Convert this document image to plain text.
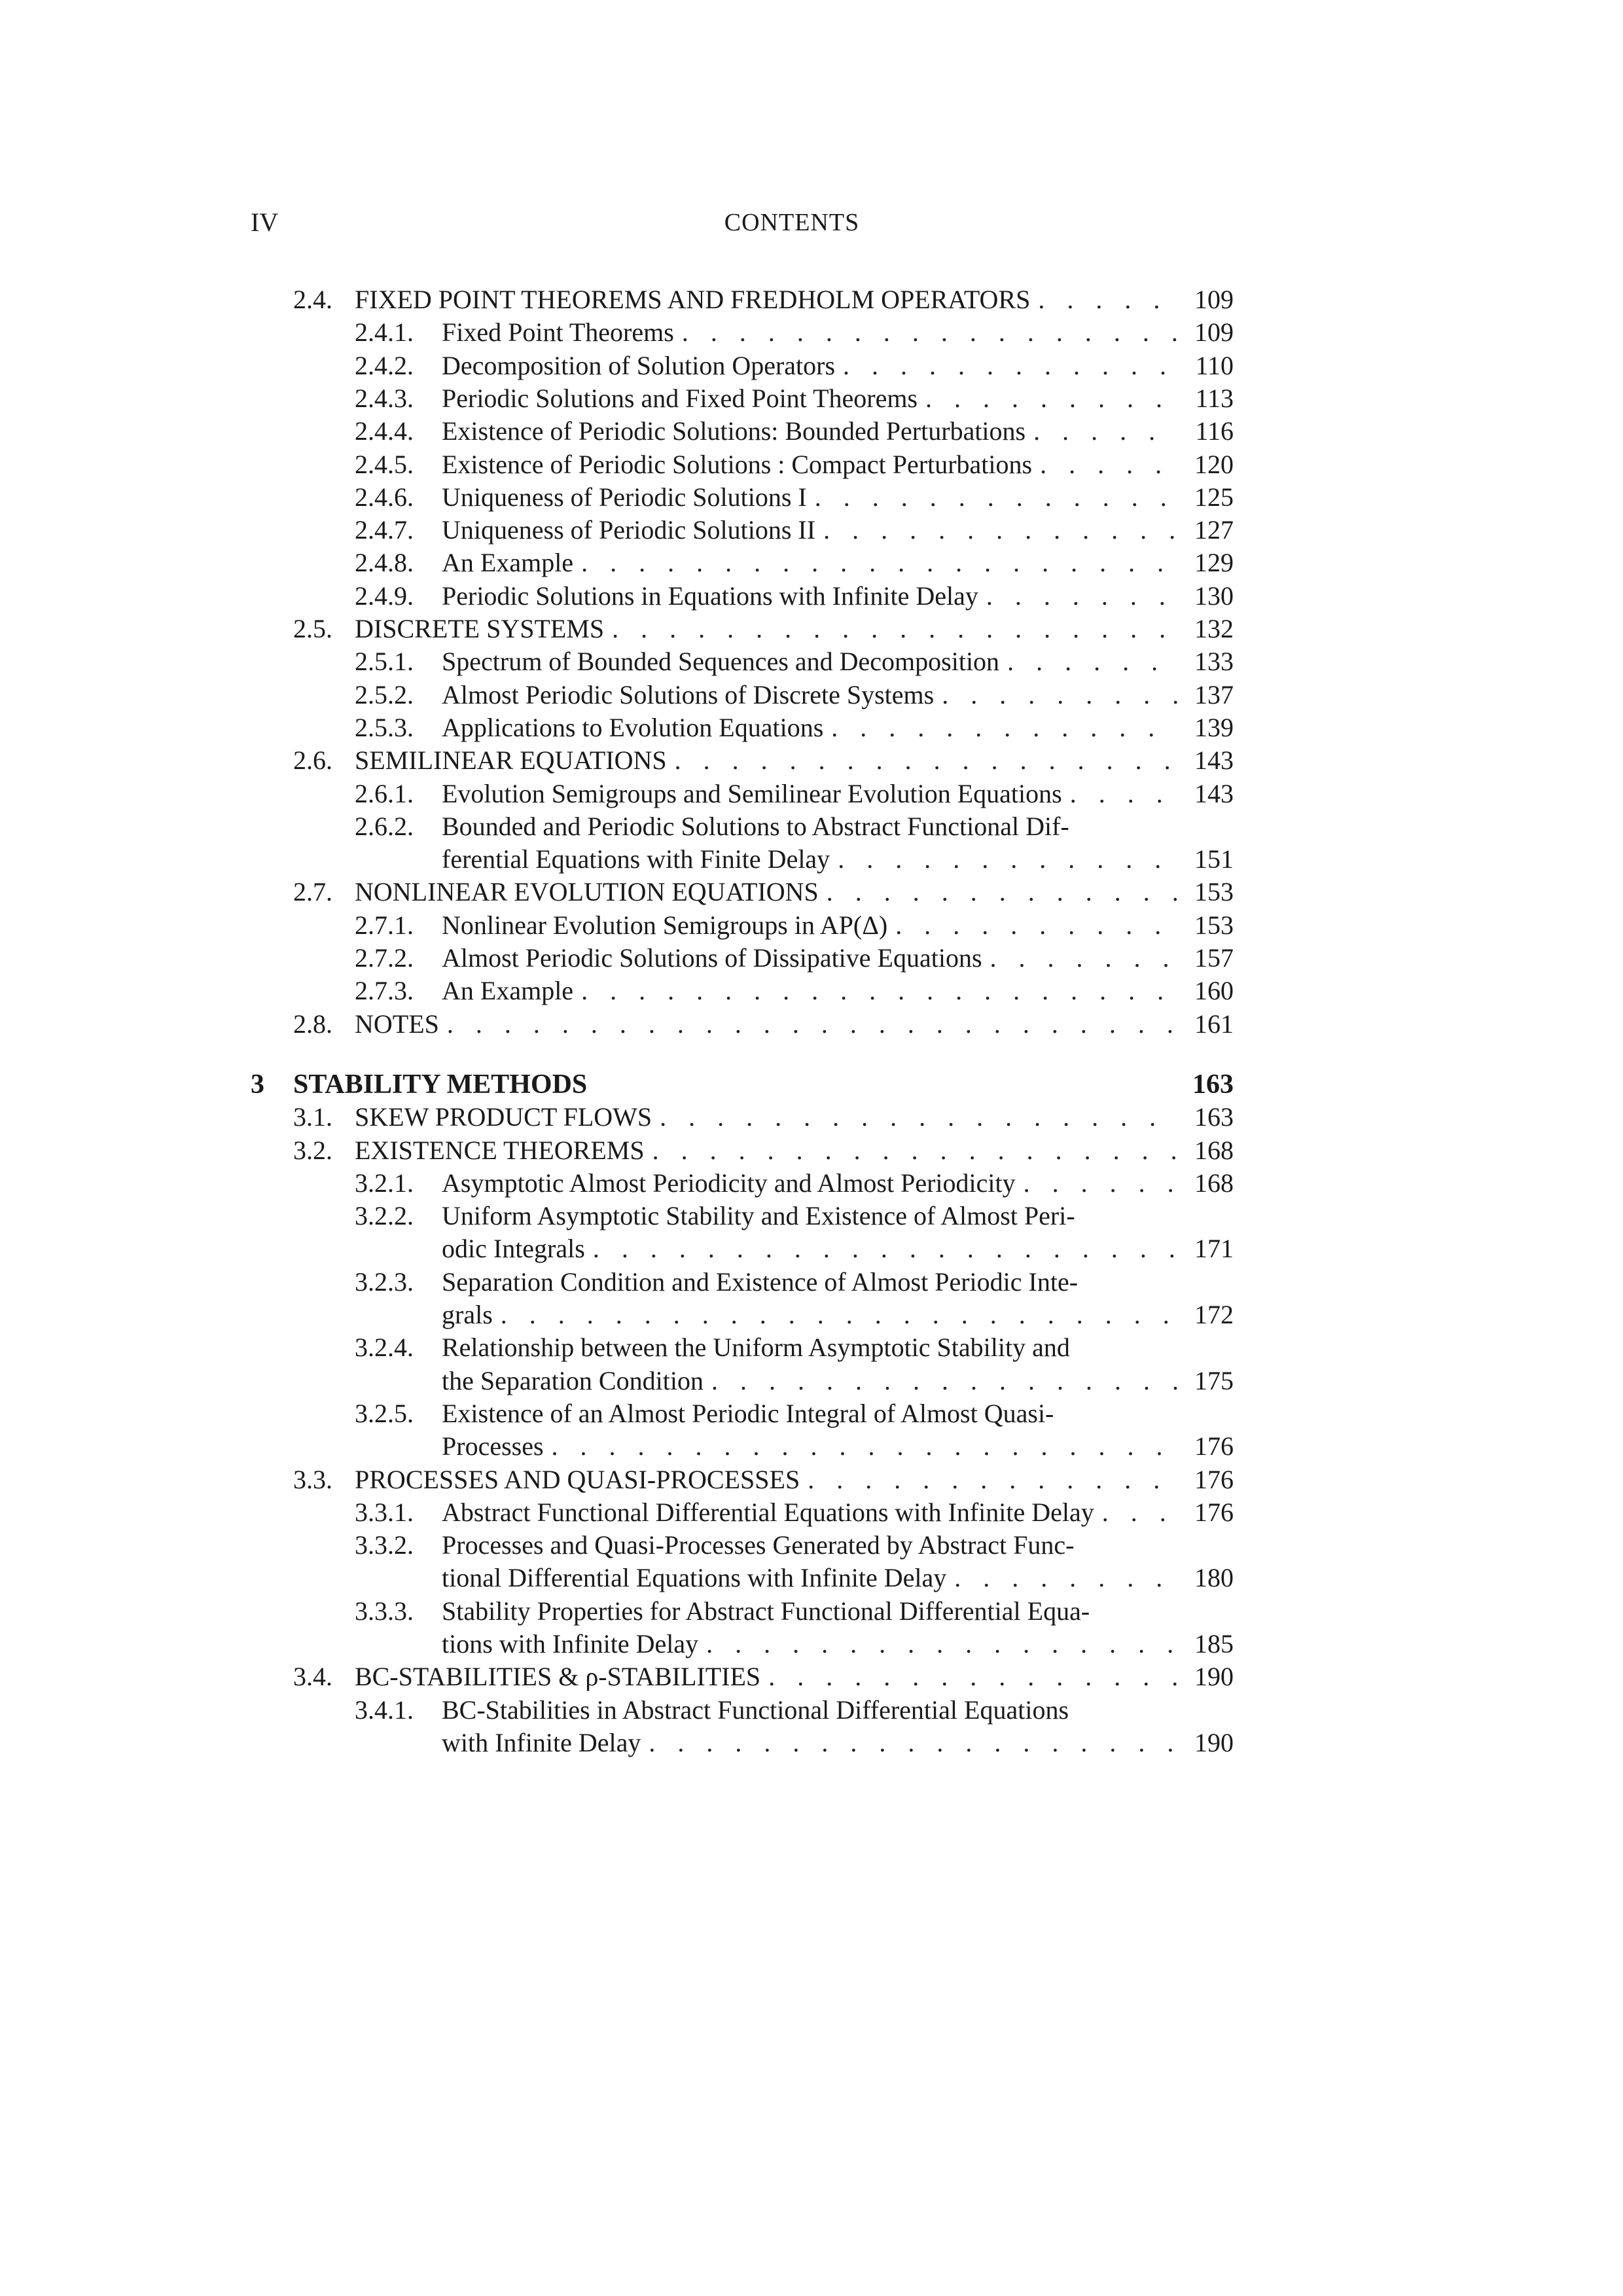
IV	CONTENTS
2.4. FIXED POINT THEOREMS AND FREDHOLM OPERATORS . . .	109
2.4.1. Fixed Point Theorems . . .	109
2.4.2. Decomposition of Solution Operators . . .	110
2.4.3. Periodic Solutions and Fixed Point Theorems . . .	113
2.4.4. Existence of Periodic Solutions: Bounded Perturbations . . .	116
2.4.5. Existence of Periodic Solutions : Compact Perturbations . . .	120
2.4.6. Uniqueness of Periodic Solutions I . . .	125
2.4.7. Uniqueness of Periodic Solutions II . . .	127
2.4.8. An Example . . .	129
2.4.9. Periodic Solutions in Equations with Infinite Delay . . .	130
2.5. DISCRETE SYSTEMS . . .	132
2.5.1. Spectrum of Bounded Sequences and Decomposition . . .	133
2.5.2. Almost Periodic Solutions of Discrete Systems . . .	137
2.5.3. Applications to Evolution Equations . . .	139
2.6. SEMILINEAR EQUATIONS . . .	143
2.6.1. Evolution Semigroups and Semilinear Evolution Equations . . .	143
2.6.2. Bounded and Periodic Solutions to Abstract Functional Dif-
ferential Equations with Finite Delay . . .	151
2.7. NONLINEAR EVOLUTION EQUATIONS . . .	153
2.7.1. Nonlinear Evolution Semigroups in AP(Δ) . . .	153
2.7.2. Almost Periodic Solutions of Dissipative Equations . . .	157
2.7.3. An Example . . .	160
2.8. NOTES . . .	161
3 STABILITY METHODS	163
3.1. SKEW PRODUCT FLOWS . . .	163
3.2. EXISTENCE THEOREMS . . .	168
3.2.1. Asymptotic Almost Periodicity and Almost Periodicity . . .	168
3.2.2. Uniform Asymptotic Stability and Existence of Almost Peri-
odic Integrals . . .	171
3.2.3. Separation Condition and Existence of Almost Periodic Inte-
grals . . .	172
3.2.4. Relationship between the Uniform Asymptotic Stability and
the Separation Condition . . .	175
3.2.5. Existence of an Almost Periodic Integral of Almost Quasi-
Processes . . .	176
3.3. PROCESSES AND QUASI-PROCESSES . . .	176
3.3.1. Abstract Functional Differential Equations with Infinite Delay . . .	176
3.3.2. Processes and Quasi-Processes Generated by Abstract Func-
tional Differential Equations with Infinite Delay . . .	180
3.3.3. Stability Properties for Abstract Functional Differential Equa-
tions with Infinite Delay . . .	185
3.4. BC-STABILITIES & ρ-STABILITIES . . .	190
3.4.1. BC-Stabilities in Abstract Functional Differential Equations
with Infinite Delay . . .	190
